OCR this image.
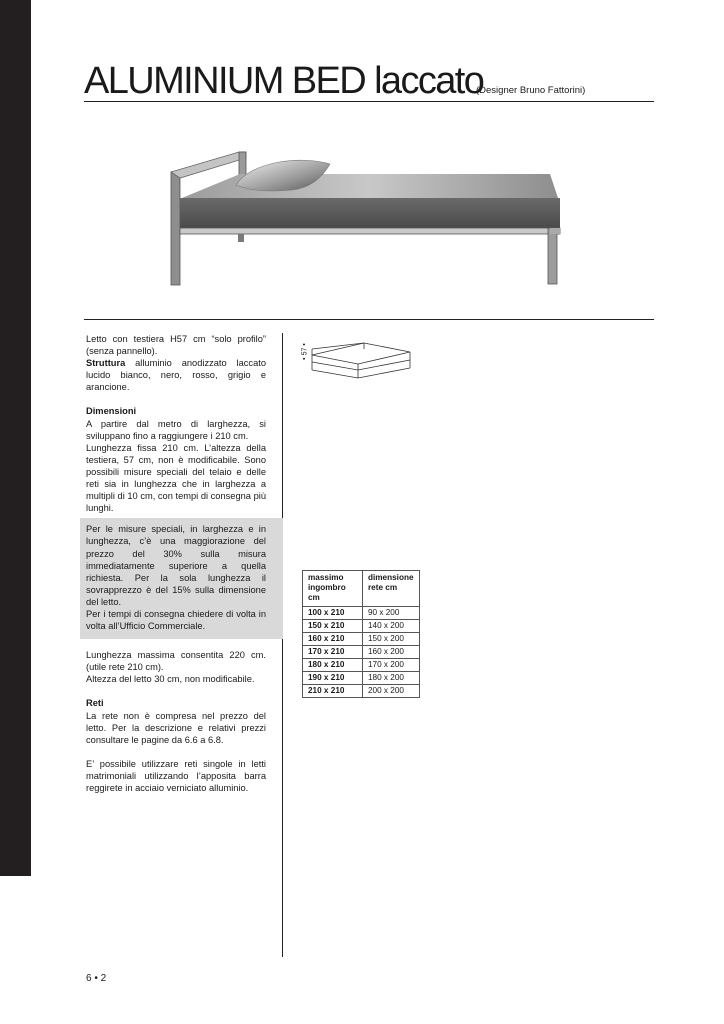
ALUMINIUM BED laccato
(Designer Bruno Fattorini)

Letto con testiera H57 cm “solo profilo” (senza pannello).

Struttura alluminio anodizzato laccato lucido bianco, nero, rosso, grigio e arancione.

Dimensioni

A partire dal metro di larghezza, si sviluppano fino a raggiungere i 210 cm.

Lunghezza fissa 210 cm. L’altezza della testiera, 57 cm, non è modificabile. Sono possibili misure speciali del telaio e delle reti sia in lunghezza che in larghezza a multipli di 10 cm, con tempi di consegna più lunghi.

Per le misure speciali, in larghezza e in lunghezza, c’è una maggiorazione del prezzo del 30% sulla misura immediatamente superiore a quella richiesta. Per la sola lunghezza il sovrapprezzo è del 15% sulla dimensione del letto.

Per i tempi di consegna chiedere di volta in volta all’Ufficio Commerciale.

Lunghezza massima consentita 220 cm. (utile rete 210 cm).

Altezza del letto 30 cm, non modificabile.

Reti

La rete non è compresa nel prezzo del letto. Per la descrizione e relativi prezzi consultare le pagine da 6.6 a 6.8.

E’ possibile utilizzare reti singole in letti matrimoniali utilizzando l’apposita barra reggirete in acciaio verniciato alluminio.

• 57 •
massimo ingombro cm	dimensione rete cm
100 x 210	90 x 200
150 x 210	140 x 200
160 x 210	150 x 200
170 x 210	160 x 200
180 x 210	170 x 200
190 x 210	180 x 200
210 x 210	200 x 200
6 • 2
